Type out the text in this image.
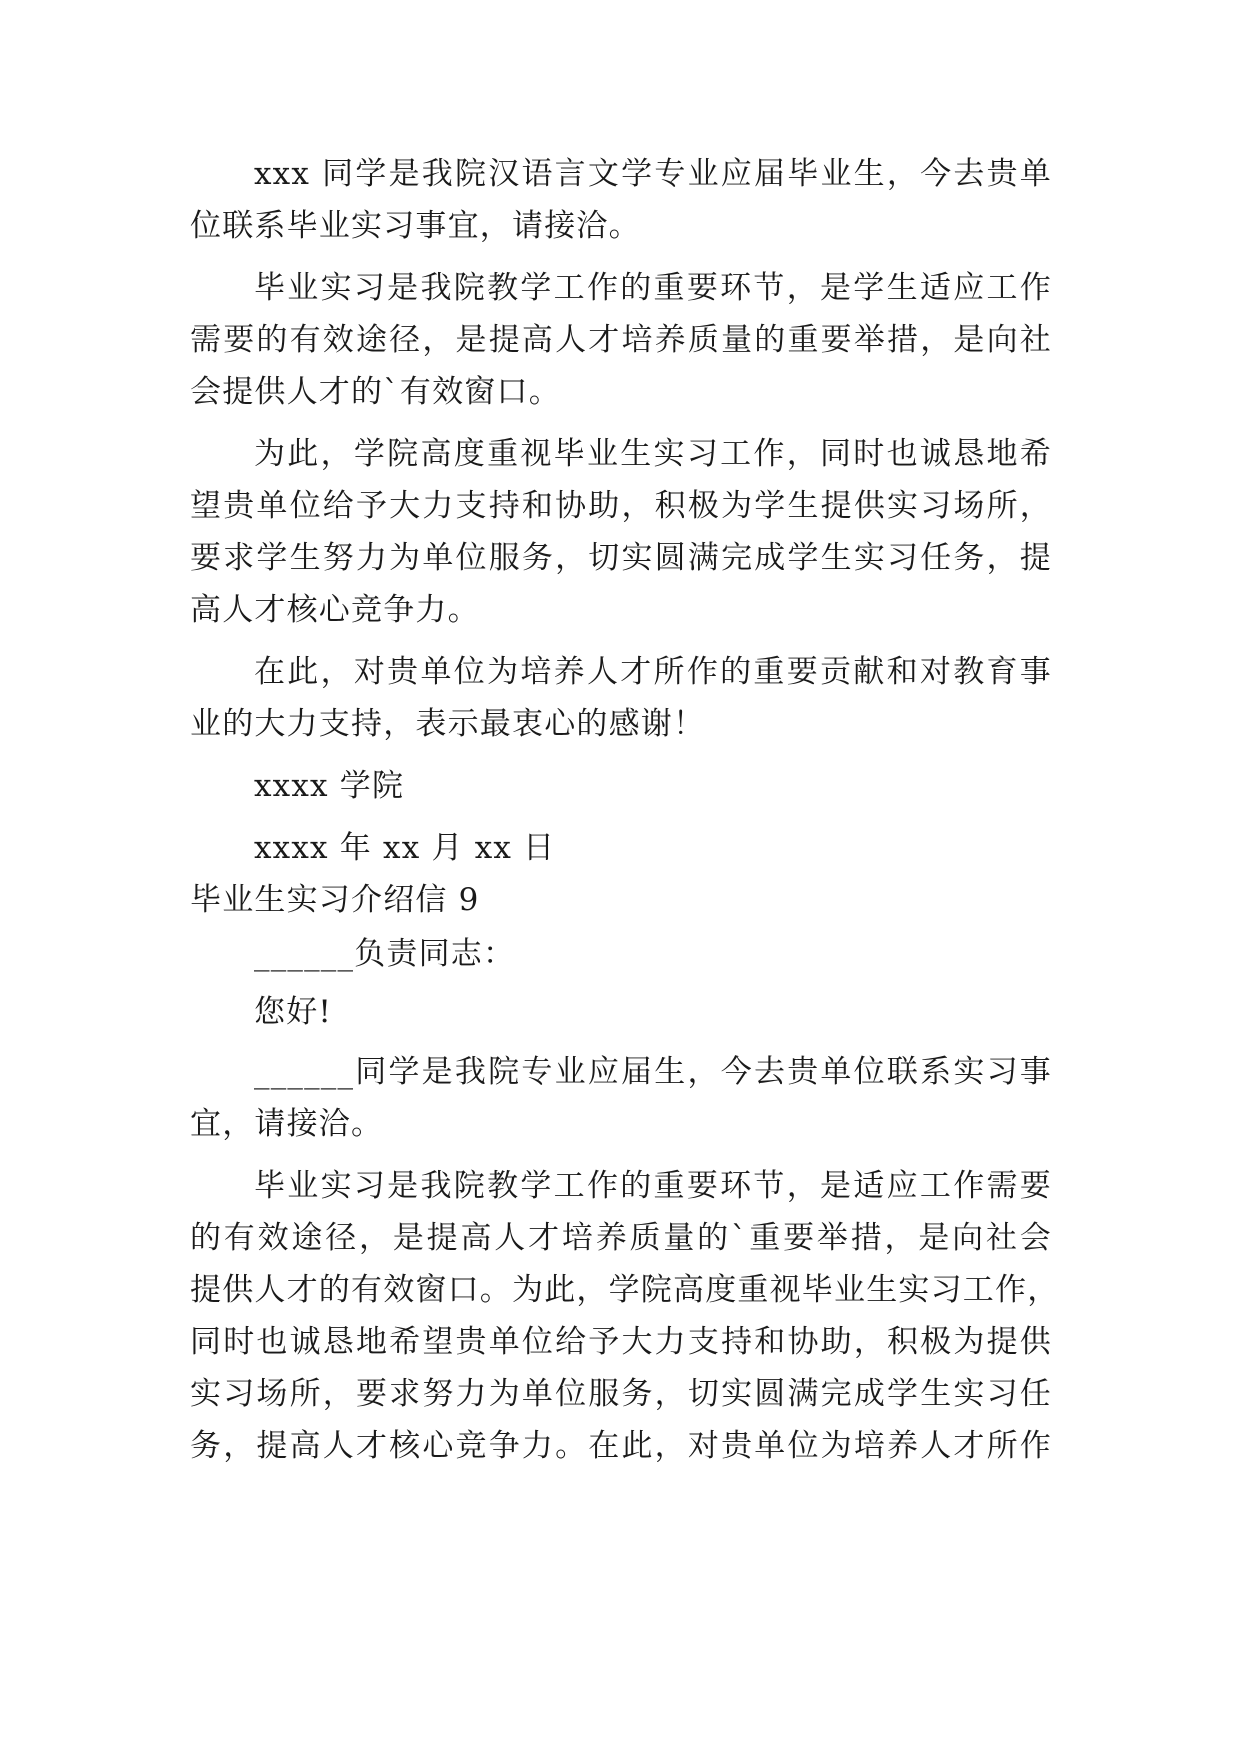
xxx 同学是我院汉语言文学专业应届毕业生，今去贵单
位联系毕业实习事宜，请接洽。
毕业实习是我院教学工作的重要环节，是学生适应工作
需要的有效途径，是提高人才培养质量的重要举措，是向社
会提供人才的`有效窗口。
为此，学院高度重视毕业生实习工作，同时也诚恳地希
望贵单位给予大力支持和协助，积极为学生提供实习场所，
要求学生努力为单位服务，切实圆满完成学生实习任务，提
高人才核心竞争力。
在此，对贵单位为培养人才所作的重要贡献和对教育事
业的大力支持，表示最衷心的感谢！
xxxx 学院
xxxx 年 xx 月 xx 日
毕业生实习介绍信 9
______负责同志：
您好!
______同学是我院专业应届生，今去贵单位联系实习事
宜，请接洽。
毕业实习是我院教学工作的重要环节，是适应工作需要
的有效途径，是提高人才培养质量的`重要举措，是向社会
提供人才的有效窗口。为此，学院高度重视毕业生实习工作，
同时也诚恳地希望贵单位给予大力支持和协助，积极为提供
实习场所，要求努力为单位服务，切实圆满完成学生实习任
务，提高人才核心竞争力。在此，对贵单位为培养人才所作
